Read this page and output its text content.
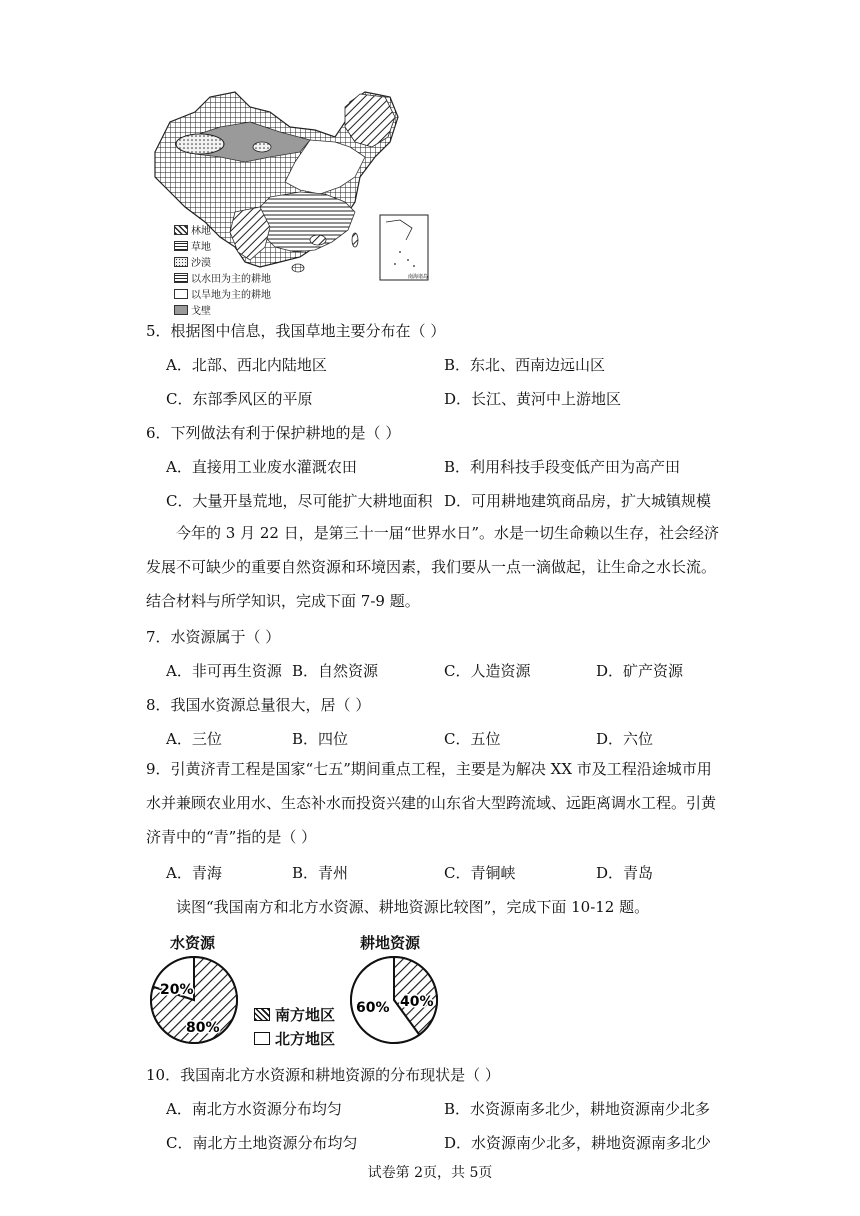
南海诸岛
林地
草地
沙漠
以水田为主的耕地
以旱地为主的耕地
戈壁
5．根据图中信息，我国草地主要分布在（ ）
A．北部、西北内陆地区	B．东北、西南边远山区
C．东部季风区的平原	D．长江、黄河中上游地区
6．下列做法有利于保护耕地的是（ ）
A．直接用工业废水灌溉农田	B．利用科技手段变低产田为高产田
C．大量开垦荒地，尽可能扩大耕地面积 D．可用耕地建筑商品房，扩大城镇规模
今年的 3 月 22 日，是第三十一届“世界水日”。水是一切生命赖以生存，社会经济发展不可缺少的重要自然资源和环境因素，我们要从一点一滴做起，让生命之水长流。结合材料与所学知识，完成下面 7-9 题。
7．水资源属于（ ）
A．非可再生资源 B．自然资源	C．人造资源	D．矿产资源
8．我国水资源总量很大，居（ ）
A．三位	B．四位	C．五位	D．六位
9．引黄济青工程是国家“七五”期间重点工程，主要是为解决 XX 市及工程沿途城市用水并兼顾农业用水、生态补水而投资兴建的山东省大型跨流域、远距离调水工程。引黄济青中的“青”指的是（ ）
A．青海	B．青州	C．青铜峡	D．青岛
读图“我国南方和北方水资源、耕地资源比较图”，完成下面 10-12 题。
水资源	耕地资源
20%
80%
南方地区
北方地区
60% 40%
10．我国南北方水资源和耕地资源的分布现状是（ ）
A．南北方水资源分布均匀	B．水资源南多北少，耕地资源南少北多
C．南北方土地资源分布均匀	D．水资源南少北多，耕地资源南多北少
试卷第 2页，共 5页
